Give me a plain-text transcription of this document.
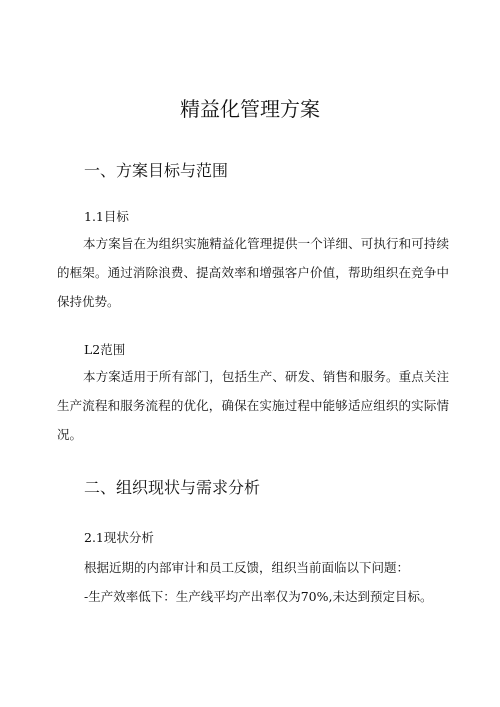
精益化管理方案
一、方案目标与范围
1.1目标
本方案旨在为组织实施精益化管理提供一个详细、可执行和可持续的框架。通过消除浪费、提高效率和增强客户价值，帮助组织在竞争中保持优势。
L2范围
本方案适用于所有部门，包括生产、研发、销售和服务。重点关注生产流程和服务流程的优化，确保在实施过程中能够适应组织的实际情况。
二、组织现状与需求分析
2.1现状分析
根据近期的内部审计和员工反馈，组织当前面临以下问题：
-生产效率低下：生产线平均产出率仅为70%,未达到预定目标。
